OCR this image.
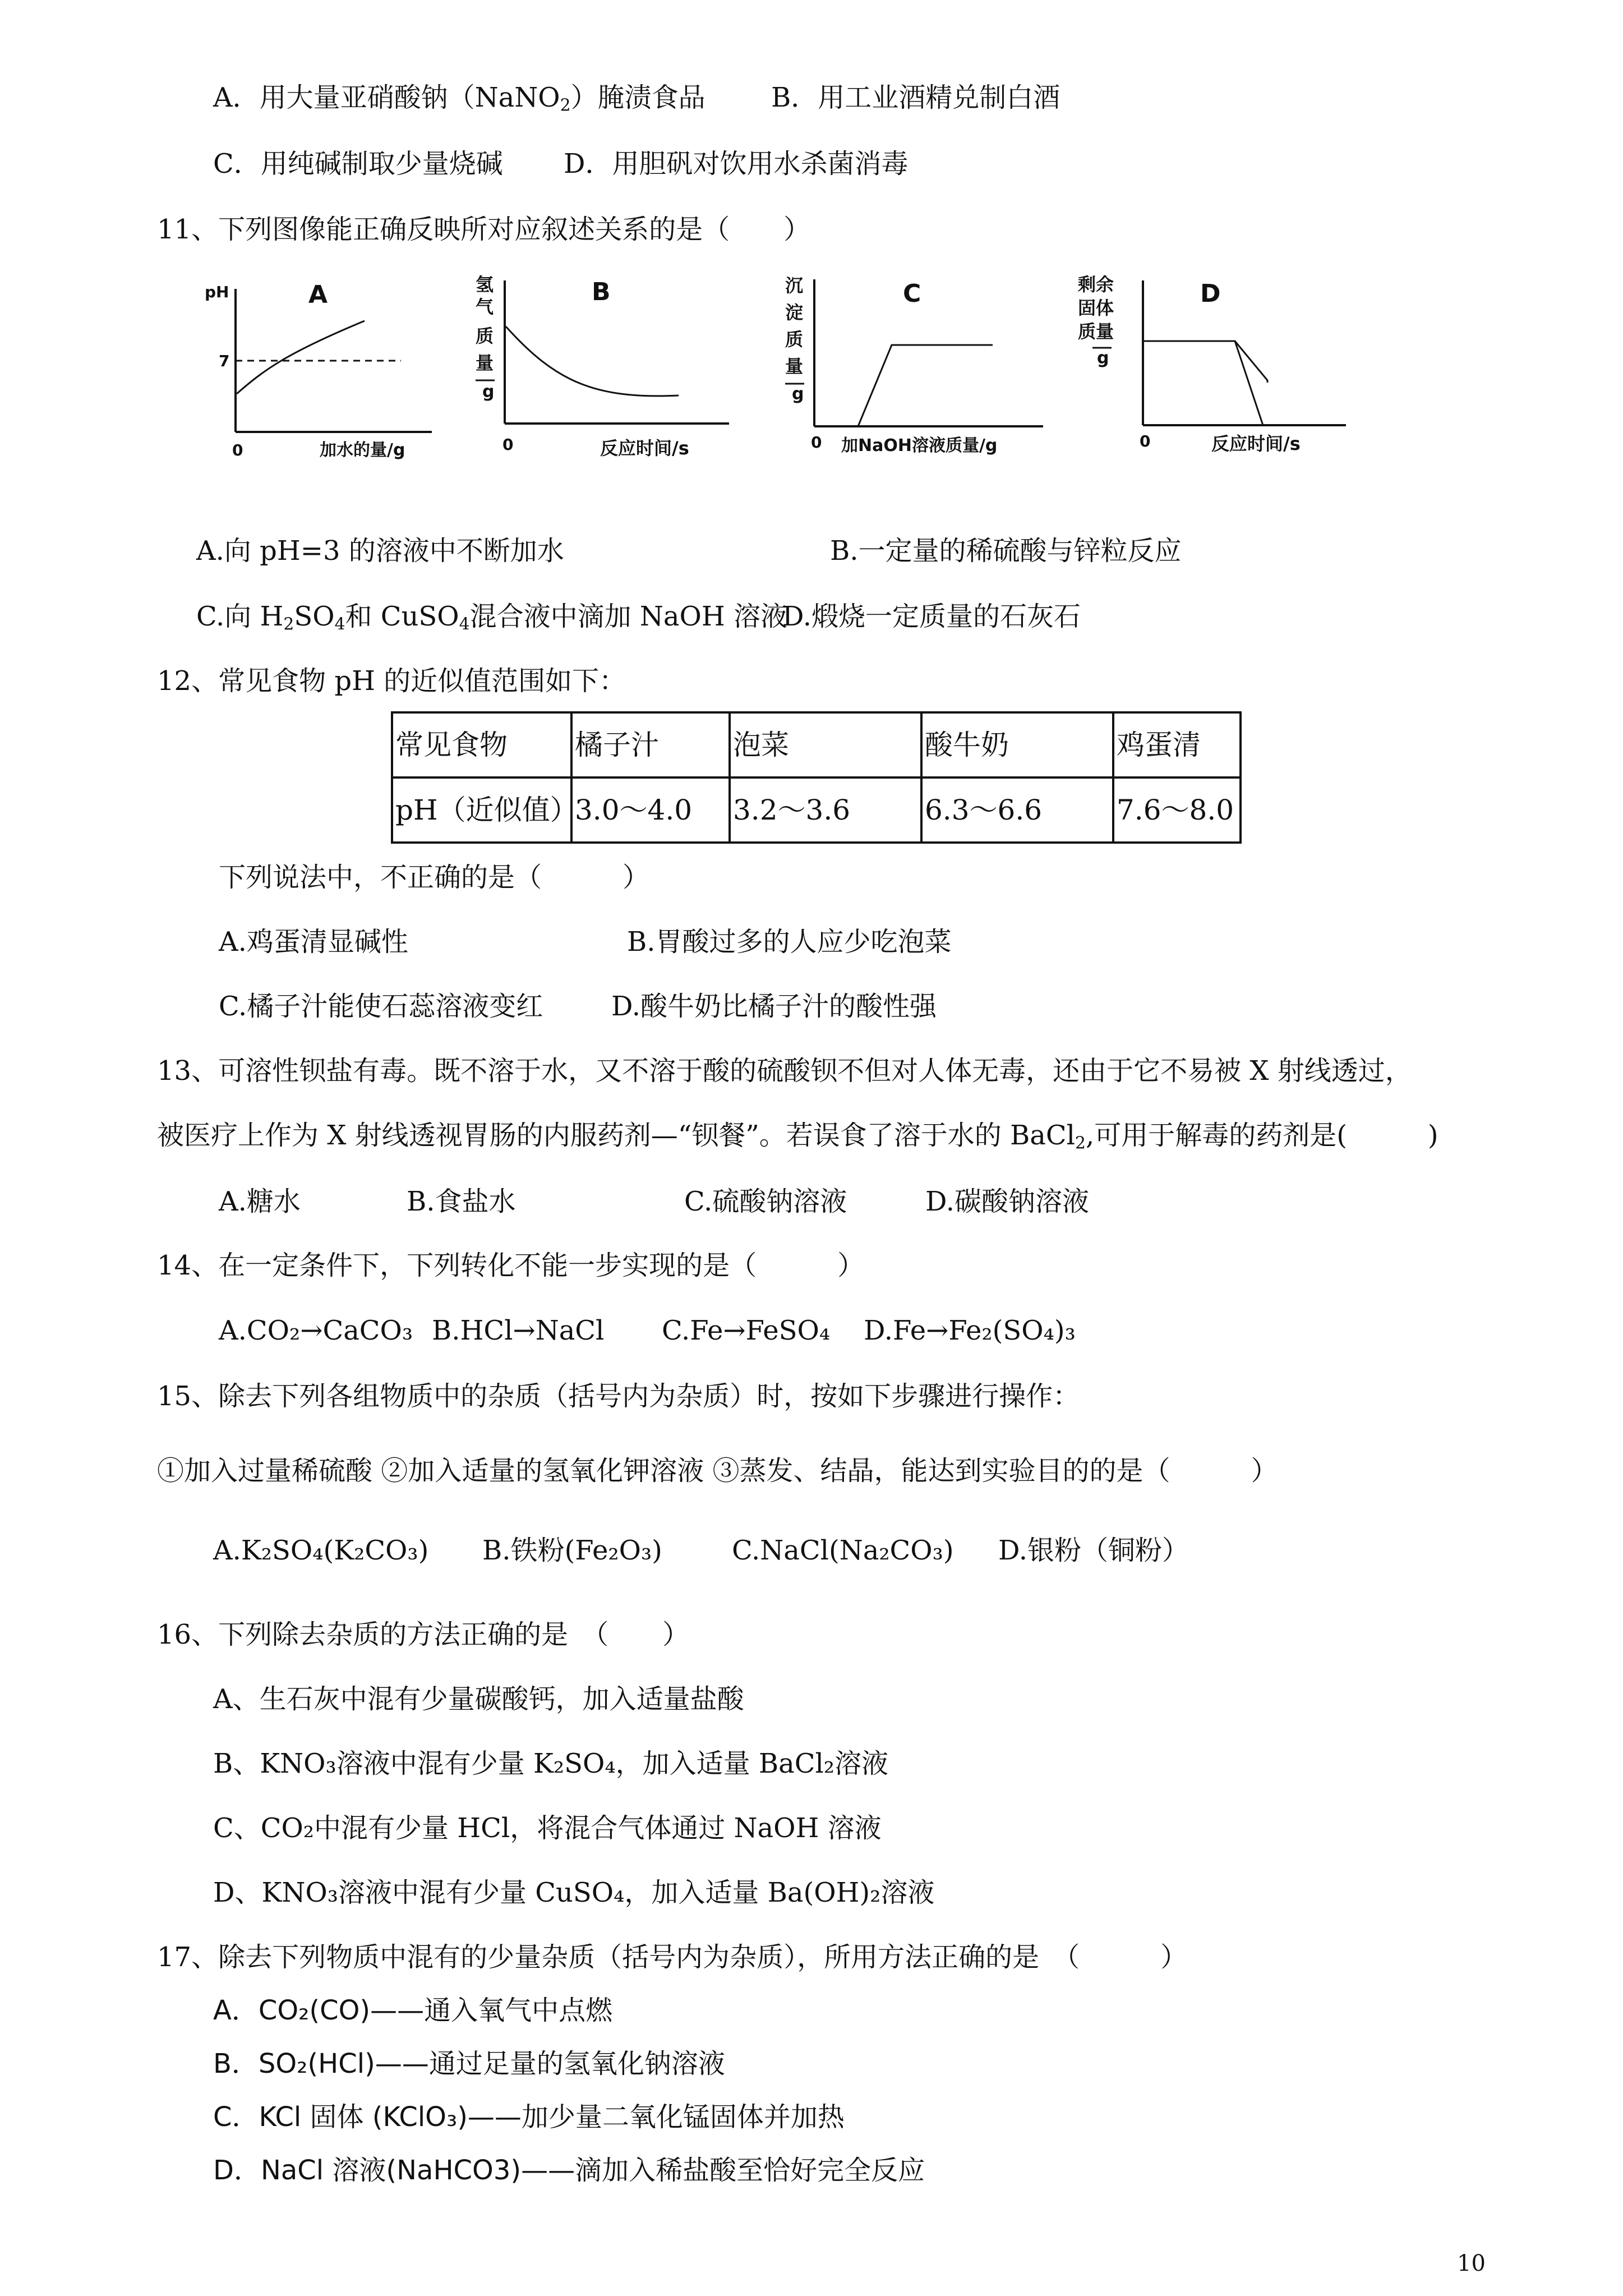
A．用大量亚硝酸钠（NaNO$_2$）腌渍食品 B．用工业酒精兑制白酒
C．用纯碱制取少量烧碱 D．用胆矾对饮用水杀菌消毒
11、下列图像能正确反映所对应叙述关系的是（　　）
pH	A
7
0	加水的量/g
氢
气
质
量
g
B
0	反应时间/s
沉
淀
质
量
g
C
0 加NaOH溶液质量/g
剩余
固体
质量
g
D
0	反应时间/s
A.向 pH=3 的溶液中不断加水	B.一定量的稀硫酸与锌粒反应
C.向 $H_2SO_4$和 CuSO$_4$混合液中滴加 NaOH 溶液
D.煅烧一定质量的石灰石
12、常见食物 pH 的近似值范围如下：
常见食物	橘子汁	泡菜	酸牛奶	鸡蛋清
pH（近似值）	3.0～4.0	3.2～3.6	6.3～6.6	7.6～8.0
下列说法中，不正确的是（　　　）
A.鸡蛋清显碱性	B.胃酸过多的人应少吃泡菜
C.橘子汁能使石蕊溶液变红	D.酸牛奶比橘子汁的酸性强
13、可溶性钡盐有毒。既不溶于水，又不溶于酸的硫酸钡不但对人体无毒，还由于它不易被 X 射线透过，
被医疗上作为 X 射线透视胃肠的内服药剂—“钡餐”。若误食了溶于水的 BaCl$_2$,可用于解毒的药剂是(　　　)
A.糖水	B.食盐水	C.硫酸钠溶液	D.碳酸钠溶液
14、在一定条件下，下列转化不能一步实现的是（　　　）
A.CO₂→CaCO₃ B.HCl→NaCl C.Fe→FeSO₄ D.Fe→Fe₂(SO₄)₃
15、除去下列各组物质中的杂质（括号内为杂质）时，按如下步骤进行操作：
①加入过量稀硫酸 ②加入适量的氢氧化钾溶液 ③蒸发、结晶，能达到实验目的的是（　　　）
A.K₂SO₄(K₂CO₃) B.铁粉(Fe₂O₃)	C.NaCl(Na₂CO₃) D.银粉（铜粉）
16、下列除去杂质的方法正确的是　（　　）
A、生石灰中混有少量碳酸钙，加入适量盐酸
B、KNO₃溶液中混有少量 K₂SO₄，加入适量 BaCl₂溶液
C、CO₂中混有少量 HCl，将混合气体通过 NaOH 溶液
D、KNO₃溶液中混有少量 CuSO₄，加入适量 Ba(OH)₂溶液
17、除去下列物质中混有的少量杂质（括号内为杂质），所用方法正确的是　（　　　）
A．CO₂(CO)——通入氧气中点燃
B．SO₂(HCl)——通过足量的氢氧化钠溶液
C．KCl 固体 (KClO₃)——加少量二氧化锰固体并加热
D．NaCl 溶液(NaHCO3)——滴加入稀盐酸至恰好完全反应
10
